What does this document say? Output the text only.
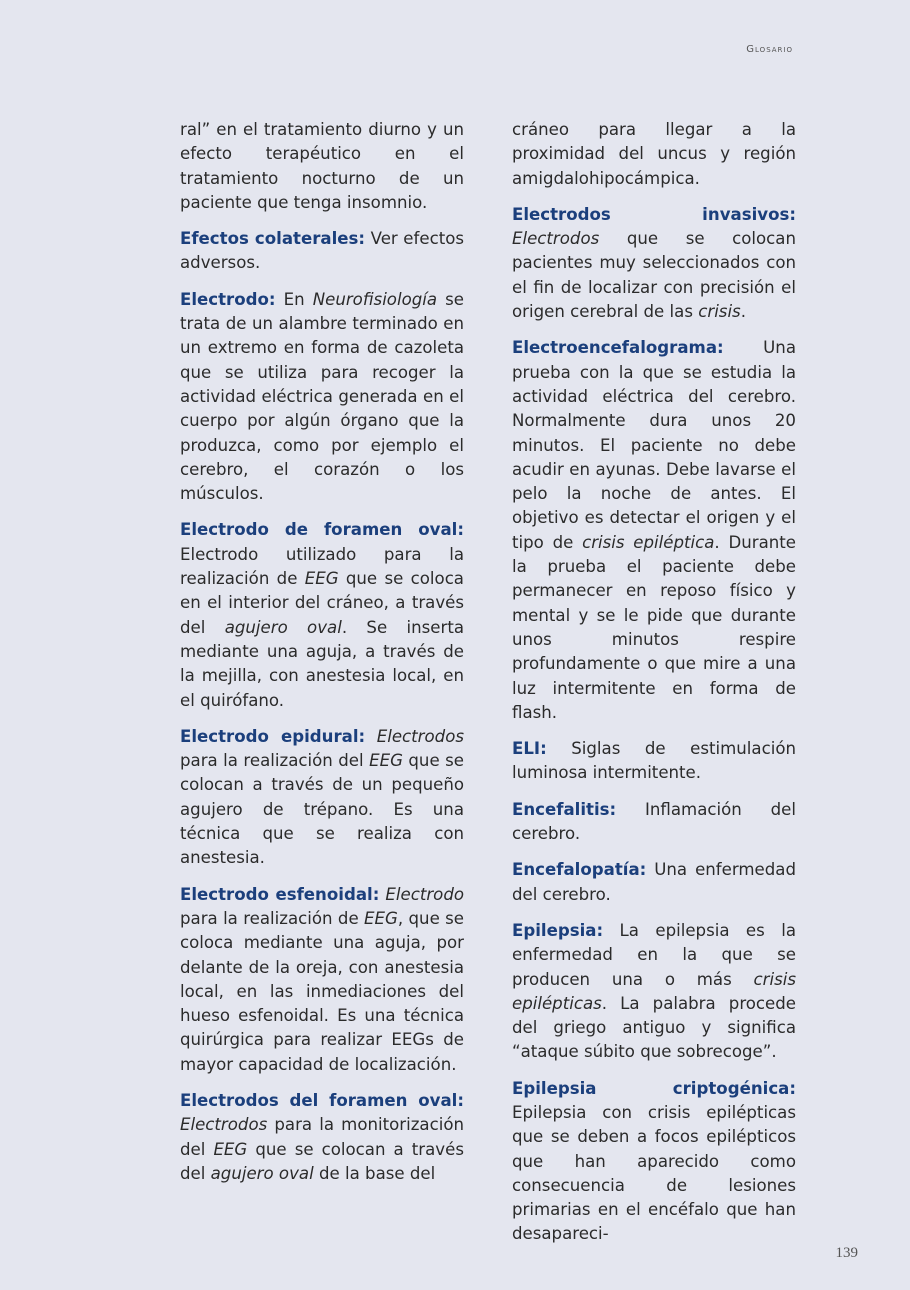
Glosario

ral” en el tratamiento diurno y un efecto terapéutico en el tratamiento nocturno de un paciente que tenga insomnio.

Efectos colaterales: Ver efectos adversos.

Electrodo: En Neurofisiología se trata de un alambre terminado en un extremo en forma de cazoleta que se utiliza para recoger la actividad eléctrica generada en el cuerpo por algún órgano que la produzca, como por ejemplo el cerebro, el corazón o los músculos.

Electrodo de foramen oval: Electrodo utilizado para la realización de EEG que se coloca en el interior del cráneo, a través del agujero oval. Se inserta mediante una aguja, a través de la mejilla, con anestesia local, en el quirófano.

Electrodo epidural: Electrodos para la realización del EEG que se colocan a través de un pequeño agujero de trépano. Es una técnica que se realiza con anestesia.

Electrodo esfenoidal: Electrodo para la realización de EEG, que se coloca mediante una aguja, por delante de la oreja, con anestesia local, en las inmediaciones del hueso esfenoidal. Es una técnica quirúrgica para realizar EEGs de mayor capacidad de localización.

Electrodos del foramen oval: Electrodos para la monitorización del EEG que se colocan a través del agujero oval de la base del

cráneo para llegar a la proximidad del uncus y región amigdalohipocámpica.

Electrodos invasivos: Electrodos que se colocan pacientes muy seleccionados con el fin de localizar con precisión el origen cerebral de las crisis.

Electroencefalograma: Una prueba con la que se estudia la actividad eléctrica del cerebro. Normalmente dura unos 20 minutos. El paciente no debe acudir en ayunas. Debe lavarse el pelo la noche de antes. El objetivo es detectar el origen y el tipo de crisis epiléptica. Durante la prueba el paciente debe permanecer en reposo físico y mental y se le pide que durante unos minutos respire profundamente o que mire a una luz intermitente en forma de flash.

ELI: Siglas de estimulación luminosa intermitente.

Encefalitis: Inflamación del cerebro.

Encefalopatía: Una enfermedad del cerebro.

Epilepsia: La epilepsia es la enfermedad en la que se producen una o más crisis epilépticas. La palabra procede del griego antiguo y significa “ataque súbito que sobrecoge”.

Epilepsia criptogénica: Epilepsia con crisis epilépticas que se deben a focos epilépticos que han aparecido como consecuencia de lesiones primarias en el encéfalo que han desapareci-

139
